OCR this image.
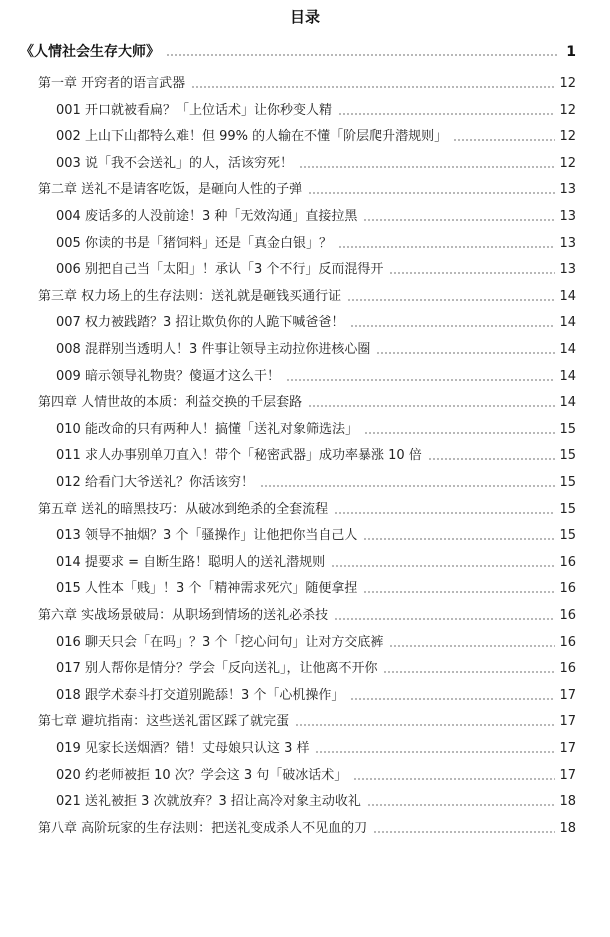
目录
《人情社会生存大师》	1
第一章 开窍者的语言武器	12
001 开口就被看扁？「上位话术」让你秒变人精	12
002 上山下山都特么难！但 99% 的人输在不懂「阶层爬升潜规则」	12
003 说「我不会送礼」的人，活该穷死！	12
第二章 送礼不是请客吃饭，是砸向人性的子弹	13
004 废话多的人没前途！3 种「无效沟通」直接拉黑	13
005 你读的书是「猪饲料」还是「真金白银」？	13
006 别把自己当「太阳」！承认「3 个不行」反而混得开	13
第三章 权力场上的生存法则：送礼就是砸钱买通行证	14
007 权力被践踏？3 招让欺负你的人跪下喊爸爸！	14
008 混群别当透明人！3 件事让领导主动拉你进核心圈	14
009 暗示领导礼物贵？傻逼才这么干！	14
第四章 人情世故的本质：利益交换的千层套路	14
010 能改命的只有两种人！搞懂「送礼对象筛选法」	15
011 求人办事别单刀直入！带个「秘密武器」成功率暴涨 10 倍	15
012 给看门大爷送礼？你活该穷！	15
第五章 送礼的暗黑技巧：从破冰到绝杀的全套流程	15
013 领导不抽烟？3 个「骚操作」让他把你当自己人	15
014 提要求 = 自断生路！聪明人的送礼潜规则	16
015 人性本「贱」！3 个「精神需求死穴」随便拿捏	16
第六章 实战场景破局：从职场到情场的送礼必杀技	16
016 聊天只会「在吗」？3 个「挖心问句」让对方交底裤	16
017 别人帮你是情分？学会「反向送礼」，让他离不开你	16
018 跟学术泰斗打交道别跪舔！3 个「心机操作」	17
第七章 避坑指南：这些送礼雷区踩了就完蛋	17
019 见家长送烟酒？错！丈母娘只认这 3 样	17
020 约老师被拒 10 次？学会这 3 句「破冰话术」	17
021 送礼被拒 3 次就放弃？3 招让高冷对象主动收礼	18
第八章 高阶玩家的生存法则：把送礼变成杀人不见血的刀	18
